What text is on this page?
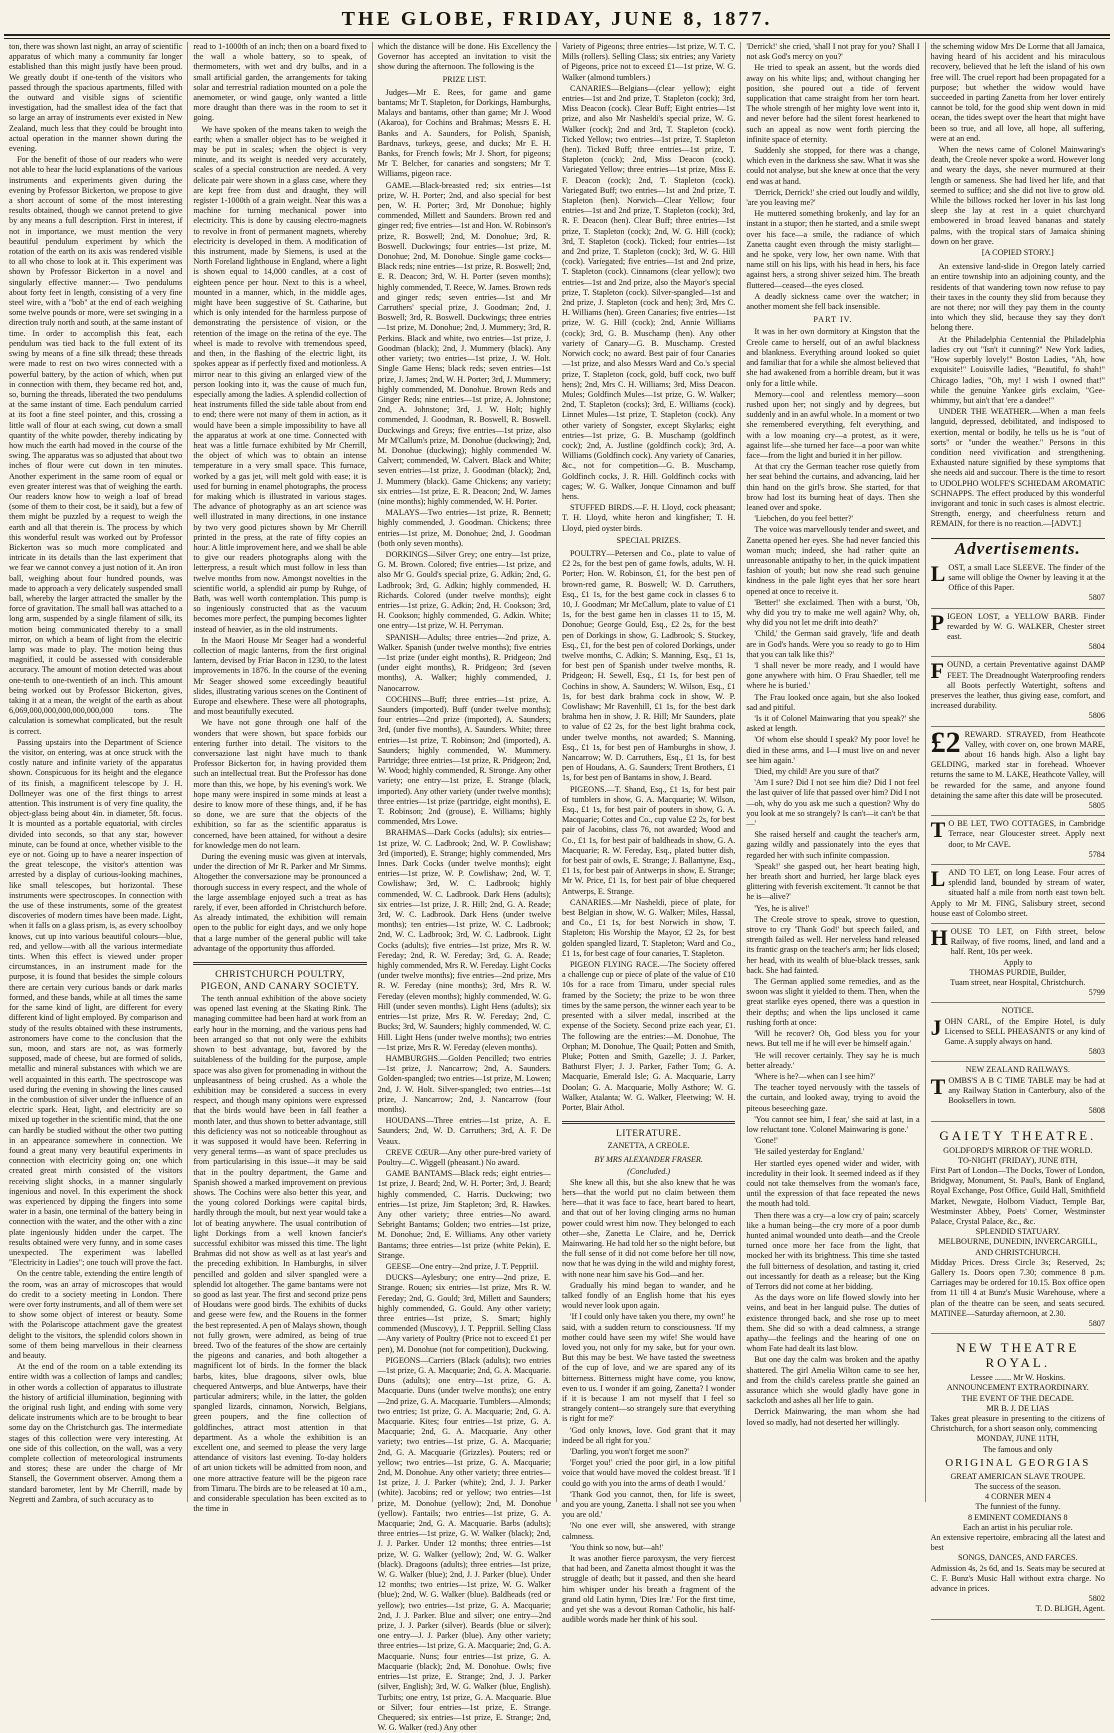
THE GLOBE, FRIDAY, JUNE 8, 1877.

ton, there was shown last night, an array of scientific apparatus of which many a community far longer established than this might justly have been proud. We greatly doubt if one-tenth of the visitors who passed through the spacious apartments, filled with the outward and visible signs of scientific investigation, had the smallest idea of the fact that so large an array of instruments ever existed in New Zealand, much less that they could be brought into actual operation in the manner shown during the evening.

For the benefit of those of our readers who were not able to hear the lucid explanations of the various instruments and experiments given during the evening by Professor Bickerton, we propose to give a short account of some of the most interesting results obtained, though we cannot pretend to give by any means a full description. First in interest, if not in importance, we must mention the very beautiful pendulum experiment by which the rotation of the earth on its axis was rendered visible to all who chose to look at it. This experiment was shown by Professor Bickerton in a novel and singularly effective manner:— Two pendulums about forty feet in length, consisting of a very fine steel wire, with a "bob" at the end of each weighing some twelve pounds or more, were set swinging in a direction truly north and south, at the same instant of time. In order to accomplish this feat, each pendulum was tied back to the full extent of its swing by means of a fine silk thread; these threads were made to rest on two wires connected with a powerful battery, by the action of which, when put in connection with them, they became red hot, and, so, burning the threads, liberated the two pendulums at the same instant of time. Each pendulum carried at its foot a fine steel pointer, and this, crossing a little wall of flour at each swing, cut down a small quantity of the white powder, thereby indicating by how much the earth had moved in the course of the swing. The apparatus was so adjusted that about two inches of flour were cut down in ten minutes. Another experiment in the same room of equal or even greater interest was that of weighing the earth. Our readers know how to weigh a loaf of bread (some of them to their cost, be it said), but a few of them might be puzzled by a request to weigh the earth and all that therein is. The process by which this wonderful result was worked out by Professor Bickerton was so much more complicated and intricate in its details than the last experiment that we fear we cannot convey a just notion of it. An iron ball, weighing about four hundred pounds, was made to approach a very delicately suspended small ball, whereby the larger attracted the smaller by the force of gravitation. The small ball was attached to a long arm, suspended by a single filament of silk, its motion being communicated thereby to a small mirror, on which a beam of light from the electric lamp was made to play. The motion being thus magnified, it could be assessed with considerable accuracy. The amount of motion detected was about one-tenth to one-twentieth of an inch. This amount being worked out by Professor Bickerton, gives, taking it at a mean, the weight of the earth as about 6,069,000,000,000,000,000,000 tons. The calculation is somewhat complicated, but the result is correct.

Passing upstairs into the Department of Science the visitor, on entering, was at once struck with the costly nature and infinite variety of the apparatus shown. Conspicuous for its height and the elegance of its finish, a magnificent telescope by J. H. Dollmeyer was one of the first things to arrest attention. This instrument is of very fine quality, the object-glass being about 4in. in diameter, 5ft. focus. It is mounted as a portable equatorial, with circles divided into seconds, so that any star, however minute, can be found at once, whether visible to the eye or not. Going up to have a nearer inspection of the great telescope, the visitor's attention was arrested by a display of curious-looking machines, like small telescopes, but horizontal. These instruments were spectroscopes. In connection with the use of these instruments, some of the greatest discoveries of modern times have been made. Light, when it falls on a glass prism, is, as every schoolboy knows, cut up into various beautiful colours—blue, red, and yellow—with all the various intermediate tints. When this effect is viewed under proper circumstances, in an instrument made for the purpose, it is found that besides the simple colours there are certain very curious bands or dark marks formed, and these bands, while at all times the same for the same kind of light, are different for every different kind of light employed. By comparison and study of the results obtained with these instruments, astronomers have come to the conclusion that the sun, moon, and stars are not, as was formerly supposed, made of cheese, but are formed of solids, metallic and mineral substances with which we are well acquainted in this earth. The spectroscope was used during the evening in showing the lines caused in the combustion of silver under the influence of an electric spark. Heat, light, and electricity are so mixed up together in the scientific mind, that the one can hardly be studied without the other two putting in an appearance somewhere in connection. We found a great many very beautiful experiments in connection with electricity going on; one which created great mirth consisted of the visitors receiving slight shocks, in a manner singularly ingenious and novel. In this experiment the shock was experienced by dipping the fingers into some water in a basin, one terminal of the battery being in connection with the water, and the other with a zinc plate ingeniously hidden under the carpet. The results obtained were very funny, and in some cases unexpected. The experiment was labelled "Electricity in Ladies"; one touch will prove the fact.

On the centre table, extending the entire length of the room, was an array of microscopes that would do credit to a society meeting in London. There were over forty instruments, and all of them were set to show some object of interest or beauty. Some with the Polariscope attachment gave the greatest delight to the visitors, the splendid colors shown in some of them being marvellous in their clearness and beauty.

At the end of the room on a table extending its entire width was a collection of lamps and candles; in other words a collection of apparatus to illustrate the history of artificial illumination, beginning with the original rush light, and ending with some very delicate instruments which are to be brought to bear some day on the Christchurch gas. The intermediate stages of this collection were very interesting. At one side of this collection, on the wall, was a very complete collection of meteorological instruments and stores; these are under the charge of Mr Stansell, the Government observer. Among them a standard barometer, lent by Mr Cherrill, made by Negretti and Zambra, of such accuracy as to

read to 1-1000th of an inch; then on a board fixed to the wall a whole battery, so to speak, of thermometers, with wet and dry bulbs, and in a small artificial garden, the arrangements for taking solar and terrestrial radiation mounted on a pole the anemometer, or wind gauge, only wanted a little more draught than there was in the room to set it going.

We have spoken of the means taken to weigh the earth; when a smaller object has to be weighed it may be put in scales; when the object is very minute, and its weight is needed very accurately, scales of a special construction are needed. A very delicate pair were shown in a glass case, where they are kept free from dust and draught, they will register 1-1000th of a grain weight. Near this was a machine for turning mechanical power into electricity. This is done by causing electro-magnets to revolve in front of permanent magnets, whereby electricity is developed in them. A modification of this instrument, made by Siemens, is used at the North Foreland lighthouse in England, where a light is shown equal to 14,000 candles, at a cost of eighteen pence per hour. Next to this is a wheel, mounted in a manner, which, in the middle ages, might have been suggestive of St. Catharine, but which is only intended for the harmless purpose of demonstrating the persistence of vision, or the retention of the image on the retina of the eye. The wheel is made to revolve with tremendous speed, and then, in the flashing of the electric light, its spokes appear as if perfectly fixed and motionless. A mirror near to this giving an enlarged view of the person looking into it, was the cause of much fun, especially among the ladies. A splendid collection of heat instruments filled the side table about from end to end; there were not many of them in action, as it would have been a simple impossibility to have all the apparatus at work at one time. Connected with heat was a little furnace exhibited by Mr Cherrill, the object of which was to obtain an intense temperature in a very small space. This furnace, worked by a gas jet, will melt gold with ease; it is used for burning in enamel photographs, the process for making which is illustrated in various stages. The advance of photography as an art science was well illustrated in many directions, in one instance by two very good pictures shown by Mr Cherrill printed in the press, at the rate of fifty copies an hour. A little improvement here, and we shall be able to give our readers photographs along with the letterpress, a result which must follow in less than twelve months from now. Amongst novelties in the scientific world, a splendid air pump by Ruhge, of Bath, was well worth contemplation. This pump is so ingeniously constructed that as the vacuum becomes more perfect, the pumping becomes lighter instead of heavier, as in the old instruments.

In the Maori House Mr Seager had a wonderful collection of magic lanterns, from the first original lantern, devised by Friar Bacon in 1230, to the latest improvements in 1876. In the course of the evening Mr Seager showed some exceedingly beautiful slides, illustrating various scenes on the Continent of Europe and elsewhere. These were all photographs, and most beautifully executed.

We have not gone through one half of the wonders that were shown, but space forbids our entering further into detail. The visitors to the conversazione last night have much to thank Professor Bickerton for, in having provided them such an intellectual treat. But the Professor has done more than this, we hope, by his evening's work. We hope many were inspired in some minds at least a desire to know more of these things, and, if he has so done, we are sure that the objects of the exhibition, so far as the scientific apparatus is concerned, have been attained, for without a desire for knowledge men do not learn.

During the evening music was given at intervals, under the direction of Mr R. Parker and Mr Simms. Altogether the conversazione may be pronounced a thorough success in every respect, and the whole of the large assemblage enjoyed such a treat as has rarely, if ever, been afforded in Christchurch before. As already intimated, the exhibition will remain open to the public for eight days, and we only hope that a large number of the general public will take advantage of the opportunity thus afforded.

CHRISTCHURCH POULTRY, PIGEON, AND CANARY SOCIETY.

The tenth annual exhibition of the above society was opened last evening at the Skating Rink. The managing committee had been hard at work from an early hour in the morning, and the various pens had been arranged so that not only were the exhibits shown to best advantage, but, favored by the suitableness of the building for the purpose, ample space was also given for promenading in without the unpleasantness of being crushed. As a whole the exhibition may be considered a success in every respect, and though many opinions were expressed that the birds would have been in fall feather a month later, and thus shown to better advantage, still this deficiency was not so noticeable throughout as it was supposed it would have been. Referring in very general terms—as want of space precludes us from particularising in this issue—it may be said that in the poultry department, the Game and Spanish showed a marked improvement on previous shows. The Cochins were also better this year, and the young colored Dorkings were capital birds, hardly through the moult, but next year would take a lot of beating anywhere. The usual contribution of light Dorkings from a well known fancier's successful exhibitor was missed this time. The light Brahmas did not show as well as at last year's and the preceding exhibition. In Hamburghs, in silver pencilled and golden and silver spangled were a splendid lot altogether. The game bantams were not so good as last year. The first and second prize pens of Houdans were good birds. The exhibits of ducks and geese were few, and the Rouens in the former the best represented. A pen of Malays shown, though not fully grown, were admired, as being of true breed. Two of the features of the show are certainly the pigeons and canaries, and both altogether a magnificent lot of birds. In the former the black barbs, kites, blue dragoons, silver owls, blue chequered Antwerps, and blue Antwerps, have their particular admirers; while, in the latter, the golden spangled lizards, cinnamon, Norwich, Belgians, green poupers, and the fine collection of goldfinches, attract most attention in that department. As a whole the exhibition is an excellent one, and seemed to please the very large attendance of visitors last evening. To-day holders of art union tickets will be admitted from noon, and one more attractive feature will be the pigeon race from Timaru. The birds are to be released at 10 a.m., and considerable speculation has been excited as to the time in

which the distance will be done. His Excellency the Governor has accepted an invitation to visit the show during the afternoon. The following is the

PRIZE LIST.

Judges—Mr E. Rees, for game and game bantams; Mr T. Stapleton, for Dorkings, Hamburghs, Malays and bantams, other than game; Mr J. Wood (Akaroa), for Cochins and Brahmas; Messrs E. H. Banks and A. Saunders, for Polish, Spanish, Bardnavs, turkeys, geese, and ducks; Mr E. H. Banks, for French fowls; Mr J. Short, for pigeons; Mr T. Belcher, for canaries and songsters; Mr T. Williams, pigeon race.

GAME.—Black-breasted red; six entries—1st prize, W. H. Porter; 2nd, and also special for best pen, W. H. Porter; 3rd, Mr Donohue; highly commended, Millett and Saunders. Brown red and ginger red; five entries—1st and Hon. W. Robinson's prize, R. Boswell; 2nd, M. Donohue; 3rd, R. Boswell. Duckwings; four entries—1st prize, M. Donohue; 2nd, M. Donohue. Single game cocks—Black reds; nine entries—1st prize, R. Boswell; 2nd, E. R. Deacon; 3rd, W. H. Porter (seven months); highly commended, T. Reece, W. James. Brown reds and ginger reds; seven entries—1st and Mr Carruthers' special prize, J. Goodman; 2nd, J. Boswell; 3rd, R. Boswell. Duckwings; three entries—1st prize, M. Donohue; 2nd, J. Mummery; 3rd, R. Perkins. Black and white, two entries—1st prize, J. Goodman (black); 2nd, J. Mummery (black). Any other variety; two entries—1st prize, J. W. Holt. Single Game Hens; black reds; seven entries—1st prize, J. James; 2nd, W. H. Porter; 3rd, J. Mummery; highly commended, M. Donohue. Brown Reds and Ginger Reds; nine entries—1st prize, A. Johnstone; 2nd, A. Johnstone; 3rd, J. W. Holt; highly commended, J. Goodman, R. Boswell, R. Boswell. Duckwings and Greys; five entries—1st prize, also Mr M'Callum's prize, M. Donohue (duckwing); 2nd, M. Donohue (duckwing); highly commended W. Calvert; commended, W. Calvert. Black and White; seven entries—1st prize, J. Goodman (black); 2nd, J. Mummery (black). Game Chickens; any variety; six entries—1st prize, E. R. Deacon; 2nd, W. James (nine months); highly commended, W. H. Porter.

MALAYS—Two entries—1st prize, R. Bennett; highly commended, J. Goodman. Chickens; three entries—1st prize, M. Donohue; 2nd, J. Goodman (both only seven months).

DORKINGS—Silver Grey; one entry—1st prize, G. M. Brown. Colored; five entries—1st prize, and also Mr G. Gould's special prize, G. Adkin; 2nd, G. Ladbrook; 3rd, G. Adkin; highly commended, H. Richards. Colored (under twelve months); eight entries—1st prize, G. Adkin; 2nd, H. Cookson; 3rd, H. Cookson; highly commended, G. Adkin. White; one entry—1st prize, W. H. Perryman.

SPANISH—Adults; three entries—2nd prize, A. Walker. Spanish (under twelve months); five entries—1st prize (under eight months), R. Pridgeon; 2nd (under eight months), R. Pridgeon; 3rd (seven months), A. Walker; highly commended, J. Nanocarrow.

COCHINS—Buff; three entries—1st prize, A. Saunders (imported). Buff (under twelve months); four entries—2nd prize (imported), A. Saunders; 3rd, (under five months), A. Saunders. White; three entries—1st prize, T. Robinson; 2nd (imported), A. Saunders; highly commended, W. Mummery. Partridge; three entries—1st prize, R. Pridgeon; 2nd, W. Wood; highly commended, R. Stronge. Any other variety; one entry—1st prize, E. Strange (black, imported). Any other variety (under twelve months); three entries—1st prize (partridge, eight months), E. T. Robinson; 2nd (grouse), E. Williams; highly commended, Mrs Lowe.

BRAHMAS—Dark Cocks (adults); six entries—1st prize, W. C. Ladbrook; 2nd, W. P. Cowlishaw; 3rd (imported), E. Strange; highly commended, Mrs Innes. Dark Cocks (under twelve months); eight entries—1st prize, W. P. Cowlishaw; 2nd, W. T. Cowlishaw; 3rd, W. C. Ladbrook; highly commended, W. C. Ladbrook. Dark Hens (adults); six entries—1st prize, J. R. Hill; 2nd, G. A. Reade; 3rd, W. C. Ladbrook. Dark Hens (under twelve months); ten entries—1st prize, W. C. Ladbrook; 2nd, W. C. Ladbrook; 3rd, W. C. Ladbrook. Light Cocks (adults); five entries—1st prize, Mrs R. W. Fereday; 2nd, R. W. Fereday; 3rd, G. A. Reade; highly commended, Mrs R. W. Fereday. Light Cocks (under twelve months); five entries—2nd prize, Mrs R. W. Fereday (nine months); 3rd, Mrs R. W. Fereday (eleven months); highly commended, W. G. Hill (under seven months). Light Hens (adults); six entries—1st prize, Mrs R. W. Fereday; 2nd, C. Bucks; 3rd, W. Saunders; highly commended, W. C. Hill. Light Hens (under twelve months); two entries—1st prize, Mrs R. W. Fereday (eleven months).

HAMBURGHS.—Golden Pencilled; two entries—1st prize, J. Nancarrow; 2nd, A. Saunders. Golden-spangled; two entries—1st prize, M. Lowen; 2nd, J. W. Holt. Silver-spangled; two entries—1st prize, J. Nancarrow; 2nd, J. Nancarrow (four months).

HOUDANS—Three entries—1st prize, A. E. Saunders; 2nd, W. D. Carruthers; 3rd, A. F. De Veaux.

CREVE CŒUR—Any other pure-bred variety of Poultry—C. Wiggell (pheasant.) No award.

GAME BANTAMS—Black reds; eight entries—1st prize, J. Beard; 2nd, W. H. Porter; 3rd, J. Beard; highly commended, C. Harris. Duckwing; two entries—1st prize, Jim Stapleton; 3rd, R. Hawkes. Any other variety; three entries—No award. Sebright Bantams; Golden; two entries—1st prize, M. Donohue; 2nd, E. Williams. Any other variety Bantams; three entries—1st prize (white Pekin), E. Strange.

GEESE—One entry—2nd prize, J. T. Peppriil.

DUCKS—Aylesbury; one entry—2nd prize, E. Strange. Rouen; six entries—1st prize, Mrs R. W. Fereday; 2nd, G. Gould; 3rd, Millett and Saunders; highly commended, G. Gould. Any other variety; three entries—1st prize, S. Smart; highly commended (Muscovy), J. T. Peppriil. Selling Class—Any variety of Poultry (Price not to exceed £1 per pen), M. Donohue (not for competition), Duckwing.

PIGEONS—Carriers (Black (adults); two entries—1st prize, G. A. Macquarie; 2nd, G. A. Macquarie. Duns (adults); one entry—1st prize, G. A. Macquarie. Duns (under twelve months); one entry—2nd prize, G. A. Macquarie. Tumblers—Almonds; two entries; 1st prize, G. A. Macquarie; 2nd, G. A. Macquarie. Kites; four entries—1st prize, G. A. Macquarie; 2nd, G. A. Macquarie. Any other variety; two entries—1st prize, G. A. Macquarie; 2nd, G. A. Macquarie (Grizzles). Pouters; red or yellow; two entries—1st prize, G. A. Macquarie; 2nd, M. Donohue. Any other variety; three entries—1st prize, J. J. Parker (white); 2nd, J. J. Parker (white). Jacobins; red or yellow; two entries—1st prize, M. Donohue (yellow); 2nd, M. Donohue (yellow). Fantails; two entries—1st prize, G. A. Macquarie; 2nd, G. A. Macquarie. Barbs (adults); three entries—1st prize, G. W. Walker (black); 2nd, J. J. Parker. Under 12 months; three entries—1st prize, W. G. Walker (yellow); 2nd, W. G. Walker (black). Dragoons (adults); three entries—1st prize, W. G. Walker (blue); 2nd, J. J. Parker (blue). Under 12 months; two entries—1st prize, W. G. Walker (blue); 2nd, W. G. Walker (blue). Baldheads (red or yellow); two entries—1st prize, G. A. Macquarie; 2nd, J. J. Parker. Blue and silver; one entry—2nd prize, J. J. Parker (silver). Beards (blue or silver); one entry—J. J. Parker (blue). Any other variety; three entries—1st prize, G. A. Macquarie; 2nd, G. A. Macquarie. Nuns; four entries—1st prize, G. A. Macquarie (black); 2nd, M. Donohue. Owls; five entries—1st prize, E. Strange; 2nd, J. J. Parker (silver, English); 3rd, W. G. Walker (blue, English). Turbits; one entry, 1st prize, G. A. Macquarie. Blue or Silver; four entries—1st prize, E. Strange. Chequered; six entries—1st prize, E. Strange; 2nd, W. G. Walker (red.) Any other

Variety of Pigeons; three entries—1st prize, W. T. C. Mills (rollers). Selling Class; six entries; any Variety of Pigeons, price not to exceed £1—1st prize, W. G. Walker (almond tumblers.)

CANARIES—Belgians—(clear yellow); eight entries—1st and 2nd prize, T. Stapleton (cock); 3rd, Miss Deacon (cock). Clear Buff; Eight entries—1st prize, and also Mr Nasheldi's special prize, W. G. Walker (cock); 2nd and 3rd, T. Stapleton (cock). Ticked Yellow; two entries—1st prize, T. Stapleton (hen). Ticked Buff; three entries—1st prize, T. Stapleton (cock); 2nd, Miss Deacon (cock). Variegated Yellow; three entries—1st prize, Miss E. F. Deacon (cock); 2nd, T. Stapleton (cock). Variegated Buff; two entries—1st and 2nd prize, T. Stapleton (hen). Norwich—Clear Yellow; four entries—1st and 2nd prize, T. Stapleton (cock); 3rd, R. F. Deacon (hen). Clear Buff; three entries—1st prize, T. Stapleton (cock); 2nd, W. G. Hill (cock); 3rd, T. Stapleton (cock). Ticked; four entries—1st and 2nd prize, T. Stapleton (cock); 3rd, W. G. Hill (cock). Variegated; five entries—1st and 2nd prize, T. Stapleton (cock). Cinnamons (clear yellow); two entries—1st and 2nd prize, also the Mayor's special prize, T. Stapleton (cock). Silver-spangled—1st and 2nd prize, J. Stapleton (cock and hen); 3rd, Mrs C. H. Williams (hen). Green Canaries; five entries—1st prize, W. G. Hill (cock); 2nd, Annie Williams (cock); 3rd, G. B. Muschamp (hen). Any other variety of Canary—G. B. Muschamp. Crested Norwich cock; no award. Best pair of four Canaries—1st prize, and also Messrs Ward and Co.'s special prize, T. Stapleton (cock, gold, buff cock, two buff hens); 2nd, Mrs C. H. Williams; 3rd, Miss Deacon. Mules; Goldfinch Mules—1st prize, G. W. Walker; 2nd, T. Stapleton (cocks); 3rd, E. Williams (cock). Linnet Mules—1st prize, T. Stapleton (cock). Any other variety of Songster, except Skylarks; eight entries—1st prize, G. B. Muschamp (goldfinch cock); 2nd, A. Justline (goldfinch cock); 3rd, A. Williams (Goldfinch cock). Any variety of Canaries, &c., not for competition—G. B. Muschamp, Goldfinch cocks, J. R. Hill. Goldfinch cocks with cages; W. G. Walker, Jonque Cinnamon and buff hens.

STUFFED BIRDS.—F. H. Lloyd, cock pheasant; T. H. Lloyd, white heron and kingfisher; T. H. Lloyd, pied oyster birds.

SPECIAL PRIZES.

POULTRY—Petersen and Co., plate to value of £2 2s, for the best pen of game fowls, adults, W. H. Porter; Hon. W. Robinson, £1, for the best pen of brown-red game, R. Boswell; W. D. Carruthers, Esq., £1 1s, for the best game cock in classes 6 to 10, J. Goodman; Mr McCallum, plate to value of £1 1s, for the best game hen in classes 11 to 15, M. Donohue; George Gould, Esq., £2 2s, for the best pen of Dorkings in show, G. Ladbrook; S. Stuckey, Esq., £1, for the best pen of colored Dorkings, under twelve months, C. Adkin; S. Manning, Esq., £1 1s, for best pen of Spanish under twelve months, R. Pridgeon; H. Sewell, Esq., £1 1s, for best pen of Cochins in show, A. Saunders; W. Wilson, Esq., £1 1s, for best dark brahma cock in show, W. P. Cowlishaw; Mr Ravenhill, £1 1s, for the best dark brahma hen in show, J. R. Hill; Mr Saunders, plate to value of £2 2s, for the best light brahma cock, under twelve months, not awarded; S. Manning, Esq., £1 1s, for best pen of Hamburghs in show, J. Nancarrow; W. D. Carruthers, Esq., £1 1s, for best pen of Houdans, A. G. Saunders; Trent Brothers, £1 1s, for best pen of Bantams in show, J. Beard.

PIGEONS.—T. Shand, Esq., £1 1s, for best pair of tumblers in show, G. A. Macquarie; W. Wilson, Esq., £1 1s, for best pair of pouters in show, G. A. Macquarie; Cottes and Co., cup value £2 2s, for best pair of Jacobins, class 76, not awarded; Wood and Co., £1 1s, for best pair of baldheads in show, G. A. Macquarie; R. W. Fereday, Esq., plated butter dish, for best pair of owls, E. Strange; J. Ballantyne, Esq., £1 1s, for best pair of Antwerps in show, E. Strange; Mr W. Price, £1 1s, for best pair of blue chequered Antwerps, E. Strange.

CANARIES.—Mr Nasheldi, piece of plate, for best Belgian in show, W. G. Walker; Miles, Hassal, and Co., £1 1s, for best Norwich in show, T. Stapleton; His Worship the Mayor, £2 2s, for best golden spangled lizard, T. Stapleton; Ward and Co., £1 1s, for best cage of four canaries, T. Stapleton.

PIGEON FLYING RACE.—The Society offered a challenge cup or piece of plate of the value of £10 10s for a race from Timaru, under special rules framed by the Society; the prize to be won three times by the same person, the winner each year to be presented with a silver medal, inscribed at the expense of the Society. Second prize each year, £1. The following are the entries:—M. Donohue, The Orphan; M. Donohue, The Quail; Potten and Smith, Pluke; Potten and Smith, Gazelle; J. J. Parker, Bathurst Flyer; J. J. Parker, Father Tom; G. A. Macquarie, Emerald Isle; G. A. Macquarie, Larry Doolan; G. A. Macquarie, Molly Asthore; W. G. Walker, Atalanta; W. G. Walker, Fleetwing; W. H. Porter, Blair Athol.

LITERATURE.
ZANETTA, A CREOLE.
BY MRS ALEXANDER FRASER.
(Concluded.)

She knew all this, but she also knew that he was hers—that the world put no claim between them here—that it was face to face, heart bared to heart, and that out of her loving clinging arms no human power could wrest him now. They belonged to each other—she, Zanetta Le Claire, and he, Derrick Mainwaring. He had told her so the night before, but the full sense of it did not come before her till now, now that he was dying in the wild and mighty forest, with none near him save his God—and her.

Gradually his mind began to wander, and he talked fondly of an English home that his eyes would never look upon again.

'If I could only have taken you there, my own!' he said, with a sudden return to consciousness. 'If my mother could have seen my wife! She would have loved you, not only for my sake, but for your own. But this may be best. We have tasted the sweetness of the cup of love, and we are spared any of its bitterness. Bitterness might have come, you know, even to us. I wonder if am going, Zanetta? I wonder if it is because I am not myself that I feel so strangely content—so strangely sure that everything is right for me?'

'God only knows, love. God grant that it may indeed be all right for you.'

'Darling, you won't forget me soon?'

'Forget you!' cried the poor girl, in a low pitiful voice that would have moved the coldest breast. 'If I could go with you into the arms of death I would.'

'Thank God you cannot, then, for life is sweet, and you are young, Zanetta. I shall not see you when you are old.'

'No one ever will, she answered, with strange calmness.

'You think so now, but—ah!'

It was another fierce paroxysm, the very fiercest that had been, and Zanetta almost thought it was the struggle of death; but it passed, and then she heard him whisper under his breath a fragment of the grand old Latin hymn, 'Dies Iræ.' For the first time, and yet she was a devout Roman Catholic, his half-audible words made her think of his soul.

'Derrick!' she cried, 'shall I not pray for you? Shall I not ask God's mercy on you?'

He tried to speak an assent, but the words died away on his white lips; and, without changing her position, she poured out a tide of fervent supplication that came straight from her torn heart. The whole strength of her mighty love went into it, and never before had the silent forest hearkened to such an appeal as now went forth piercing the infinite space of eternity.

Suddenly she stopped, for there was a change, which even in the darkness she saw. What it was she could not analyse, but she knew at once that the very end was at hand.

'Derrick, Derrick!' she cried out loudly and wildly, 'are you leaving me?'

He muttered something brokenly, and lay for an instant in a stupor; then he started, and a smile swept over his face—a smile, the radiance of which Zanetta caught even through the misty starlight—and he spoke, very low, her own name. With that name still on his lips, with his head in hers, his face against hers, a strong shiver seized him. The breath fluttered—ceased—the eyes closed.

A deadly sickness came over the watcher; in another moment she fell back insensible.

PART IV.

It was in her own dormitory at Kingston that the Creole came to herself, out of an awful blackness and blankness. Everything around looked so quiet and familiar that for a while she almost believed that she had awakened from a horrible dream, but it was only for a little while.

Memory—cool and relentless memory—soon rushed upon her; not singly and by degrees, but suddenly and in an awful whole. In a moment or two she remembered everything, felt everything, and with a low moaning cry—a protest, as it were, against life—she turned her face—a poor wan white face—from the light and buried it in her pillow.

At that cry the German teacher rose quietly from her seat behind the curtains, and advancing, laid her thin hand on the girl's brow. She started, for that brow had lost its burning heat of days. Then she leaned over and spoke.

'Liebchen, do you feel better?'

The voice was marvellously tender and sweet, and Zanetta opened her eyes. She had never fancied this woman much; indeed, she had rather quite an unreasonable antipathy to her, in the quick impatient fashion of youth; but now she read such genuine kindness in the pale light eyes that her sore heart opened at once to receive it.

'Better!' she exclaimed. Then with a burst, 'Oh, why did you try to make me well again? Why, oh, why did you not let me drift into death?'

'Child,' the German said gravely, 'life and death are in God's hands. Were you so ready to go to Him that you can talk like this?'

'I shall never be more ready, and I would have gone anywhere with him. O Frau Shaedler, tell me where he is buried.'

The Frau looked once again, but she also looked sad and pitiful.

'Is it of Colonel Mainwaring that you speak?' she asked at length.

'Of whom else should I speak? My poor love! he died in these arms, and I—I must live on and never see him again.'

'Died, my child! Are you sure of that?'

'Am I sure? Did I not see him die? Did I not feel the last quiver of life that passed over him? Did I not—oh, why do you ask me such a question? Why do you look at me so strangely? Is can't—it can't be that—'

She raised herself and caught the teacher's arm, gazing wildly and passionately into the eyes that regarded her with such infinite compassion.

'Speak!' she gasped out, her heart beating high, her breath short and hurried, her large black eyes glittering with feverish excitement. 'It cannot be that he is—alive?'

'Yes, he is alive!'

The Creole strove to speak, strove to question, strove to cry 'Thank God!' but speech failed, and strength failed as well. Her nerveless hand released its frantic grasp on the teacher's arm; her lids closed; her head, with its wealth of blue-black tresses, sank back. She had fainted.

The German applied some remedies, and as the swoon was slight it yielded to them. Then, when the great starlike eyes opened, there was a question in their depths; and when the lips unclosed it came rushing forth at once:

'Will he recover? Oh, God bless you for your news. But tell me if he will ever be himself again.'

'He will recover certainly. They say he is much better already.'

'Where is he?—when can I see him?'

The teacher toyed nervously with the tassels of the curtain, and looked away, trying to avoid the piteous beseeching gaze.

'You cannot see him, I fear,' she said at last, in a low reluctant tone. 'Colonel Mainwaring is gone.'

'Gone!'

'He sailed yesterday for England.'

Her startled eyes opened wider and wider, with incredulity in their look. It seemed indeed as if they could not take themselves from the woman's face, until the expression of that face repeated the news the mouth had told.

Then there was a cry—a low cry of pain; scarcely like a human being—the cry more of a poor dumb hunted animal wounded unto death—and the Creole turned once more her face from the light, that mocked her with its brightness. This time she tasted the full bitterness of desolation, and tasting it, cried out incessantly for death as a release; but the King of Terrors did not come at her bidding.

As the days wore on life flowed slowly into her veins, and beat in her languid pulse. The duties of existence thronged back, and she rose up to meet them. She did so with a dead calmness, a strange apathy—the feelings and the hearing of one on whom Fate had dealt its last blow.

But one day the calm was broken and the apathy shattered. The girl Amelia Wilton came to see her, and from the child's careless prattle she gained an assurance which she would gladly have gone in sackcloth and ashes all her life to gain.

Derrick Mainwaring, the man whom she had loved so madly, had not deserted her willingly.

the scheming widow Mrs De Lorme that all Jamaica, having heard of his accident and his miraculous recovery, believed that he left the island of his own free will. The cruel report had been propagated for a purpose; but whether the widow would have succeeded in parting Zanetta from her lover entirely cannot be told, for the good ship went down in mid ocean, the tides swept over the heart that might have been so true, and all love, all hope, all suffering, were at an end.

When the news came of Colonel Mainwaring's death, the Creole never spoke a word. However long and weary the days, she never murmured at their length or sameness. She had lived her life, and that seemed to suffice; and she did not live to grow old. While the billows rocked her lover in his last long sleep she lay at rest in a quiet churchyard embowered in broad leaved bananas and stately palms, with the tropical stars of Jamaica shining down on her grave.

[A COPIED STORY.]

An extensive land-slide in Oregon lately carried an entire township into an adjoining county, and the residents of that wandering town now refuse to pay their taxes in the county they slid from because they are not there; nor will they pay them in the county into which they slid, because they say they don't belong there.

At the Philadelphia Centennial the Philadelphia ladies cry out "Isn't it cunning?" New York ladies, "How superbly lovely!" Boston Ladies, "Ah, how exquisite!" Louisville ladies, "Beautiful, fo shah!" Chicago ladies, "Oh, my! I wish I owned that!" while the genuine Yankee girls exclaim, "Gee-whimmy, but ain't that 'ere a dandee!"

UNDER THE WEATHER.—When a man feels languid, depressed, debilitated, and indisposed to exertion, mental or bodily, he tells us he is "out of sorts" or "under the weather." Persons in this condition need vivification and strengthening. Exhausted nature signified by these symptoms that she needs aid and succour. There is the time to resort to UDOLPHO WOLFE'S SCHIEDAM AROMATIC SCHNAPPS. The effect produced by this wonderful invigorant and tonic in such cases is almost electric. Strength, energy, and cheerfulness return and REMAIN, for there is no reaction.—[ADVT.]

Advertisements.
L OST, a small Lace SLEEVE. The finder of the same will oblige the Owner by leaving it at the Office of this Paper.
5807
P IGEON LOST, a YELLOW BARB. Finder rewarded by W. G. WALKER, Chester street east.
5804
F OUND, a certain Preventative against DAMP FEET. The Dreadnought Waterproofing renders all Boots perfectly Watertight, softens and preserves the leather, thus giving ease, comfort, and increased durability.
5806
£2 REWARD. STRAYED, from Heathcote Valley, with cover on, one brown MARE, about 16 hands high. Also a light bay GELDING, marked star in forehead. Whoever returns the same to M. LAKE, Heathcote Valley, will be rewarded for the same, and anyone found detaining the same after this date will be prosecuted.
5805
T O BE LET, TWO COTTAGES, in Cambridge Terrace, near Gloucester street. Apply next door, to Mr CAVE.
5784
L AND TO LET, on long Lease. Four acres of splendid land, bounded by stream of water, situated half a mile from north east town belt. Apply to Mr M. FING, Salisbury street, second house east of Colombo street.
H OUSE TO LET, on Fifth street, below Railway, of five rooms, lined, and land and a half. Rent, 10s per week.
Apply to
THOMAS PURDIE, Builder,
Tuam street, near Hospital, Christchurch.
5799
NOTICE.
J OHN CARL, of the Empire Hotel, is duly Licensed to SELL PHEASANTS or any kind of Game. A supply always on hand.
5803
NEW ZEALAND RAILWAYS.
T OMBS'S A B C TIME TABLE may be had at any Railway Station in Canterbury, also of the Booksellers in town.
5808
GAIETY THEATRE.
GOLDFORD'S MIRROR OF THE WORLD.
TO-NIGHT (FRIDAY), JUNE 8TH,
First Part of London—The Docks, Tower of London, Bridgway, Monument, St. Paul's, Bank of England, Royal Exchange, Post Office, Guild Hall, Smithfield Market, Newgate, Holborn Viaduct, Temple Bar, Westminster Abbey, Poets' Corner, Westminster Palace, Crystal Palace, &c., &c.
SPLENDID STATUARY.
MELBOURNE, DUNEDIN, INVERCARGILL, AND CHRISTCHURCH.
Midday Prices. Dress Circle 3s; Reserved, 2s; Gallery 1s. Doors open 7.30; commence 8 p.m. Carriages may be ordered for 10.15. Box office open from 11 till 4 at Bunz's Music Warehouse, where a plan of the theatre can be seen, and seats secured. MATINEE—Saturday afternoon, at 2.30.
5807
NEW THEATRE ROYAL.
Lessee ........ Mr W. Hoskins.
ANNOUNCEMENT EXTRAORDINARY.
THE EVENT OF THE DECADE.
MR B. J. DE LIAS
Takes great pleasure in presenting to the citizens of Christchurch, for a short season only, commencing
MONDAY, JUNE 11TH,
The famous and only
ORIGINAL GEORGIAS
GREAT AMERICAN SLAVE TROUPE.
The success of the season.
4 CORNER MEN 4
The funniest of the funny.
8 EMINENT COMEDIANS 8
Each an artist in his peculiar role.
An extensive repertoire, embracing all the latest and best
SONGS, DANCES, AND FARCES.
Admission 4s, 2s 6d, and 1s. Seats may be secured at C. F. Bunz's Music Hall without extra charge. No advance in prices.
5802
T. D. BLIGH, Agent.
